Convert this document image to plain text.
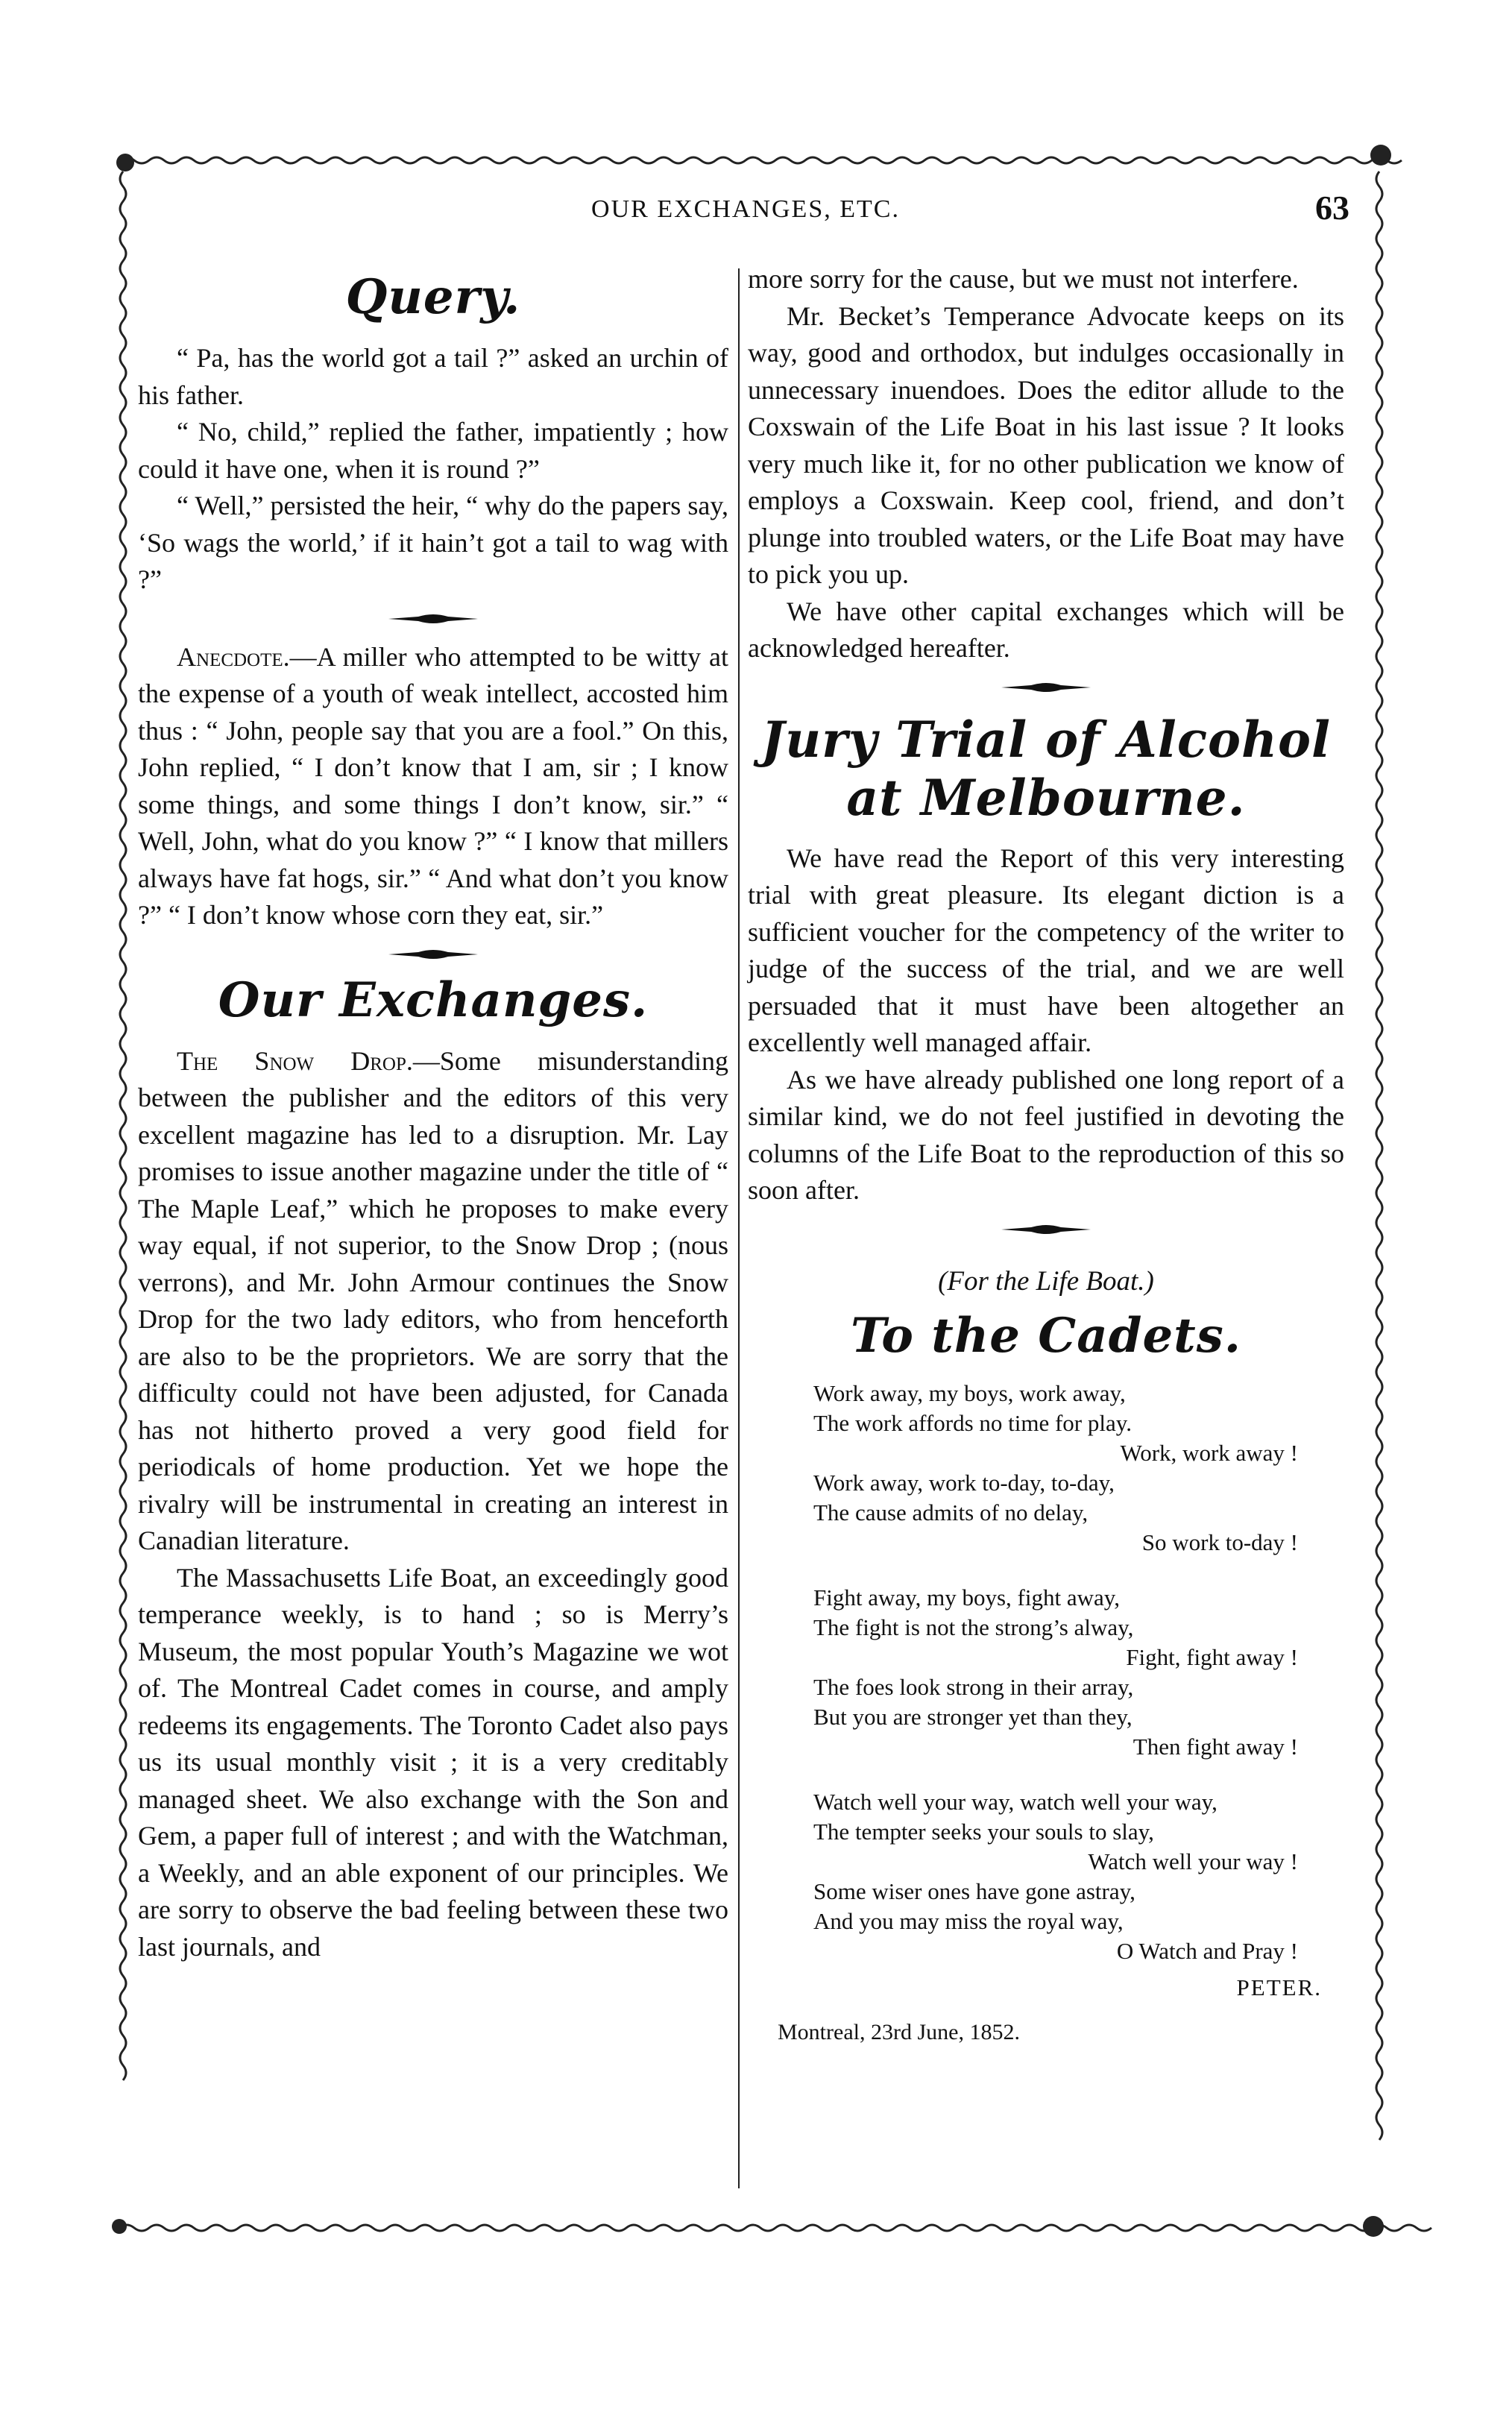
OUR EXCHANGES, ETC.	63
Query.

“ Pa, has the world got a tail ?” asked an urchin of his father.

“ No, child,” replied the father, impatiently ; how could it have one, when it is round ?”

“ Well,” persisted the heir, “ why do the papers say, ‘So wags the world,’ if it hain’t got a tail to wag with ?”

Anecdote.—A miller who attempted to be witty at the expense of a youth of weak intellect, accosted him thus : “ John, people say that you are a fool.” On this, John replied, “ I don’t know that I am, sir ; I know some things, and some things I don’t know, sir.” “ Well, John, what do you know ?” “ I know that millers always have fat hogs, sir.” “ And what don’t you know ?” “ I don’t know whose corn they eat, sir.”

Our Exchanges.

The Snow Drop.—Some misunderstanding between the publisher and the editors of this very excellent magazine has led to a disruption. Mr. Lay promises to issue another magazine under the title of “ The Maple Leaf,” which he proposes to make every way equal, if not superior, to the Snow Drop ; (nous verrons), and Mr. John Armour continues the Snow Drop for the two lady editors, who from henceforth are also to be the proprietors. We are sorry that the difficulty could not have been adjusted, for Canada has not hitherto proved a very good field for periodicals of home production. Yet we hope the rivalry will be instrumental in creating an interest in Canadian literature.

The Massachusetts Life Boat, an exceedingly good temperance weekly, is to hand ; so is Merry’s Museum, the most popular Youth’s Magazine we wot of. The Montreal Cadet comes in course, and amply redeems its engagements. The Toronto Cadet also pays us its usual monthly visit ; it is a very creditably managed sheet. We also exchange with the Son and Gem, a paper full of interest ; and with the Watchman, a Weekly, and an able exponent of our principles. We are sorry to observe the bad feeling between these two last journals, and

more sorry for the cause, but we must not interfere.

Mr. Becket’s Temperance Advocate keeps on its way, good and orthodox, but indulges occasionally in unnecessary inuendoes. Does the editor allude to the Coxswain of the Life Boat in his last issue ? It looks very much like it, for no other publication we know of employs a Coxswain. Keep cool, friend, and don’t plunge into troubled waters, or the Life Boat may have to pick you up.

We have other capital exchanges which will be acknowledged hereafter.

Jury Trial of Alcohol at Melbourne.

We have read the Report of this very interesting trial with great pleasure. Its elegant diction is a sufficient voucher for the competency of the writer to judge of the success of the trial, and we are well persuaded that it must have been altogether an excellently well managed affair.

As we have already published one long report of a similar kind, we do not feel justified in devoting the columns of the Life Boat to the reproduction of this so soon after.

(For the Life Boat.)
To the Cadets.
Work away, my boys, work away,
The work affords no time for play.
Work, work away !
Work away, work to-day, to-day,
The cause admits of no delay,
So work to-day !
Fight away, my boys, fight away,
The fight is not the strong’s alway,
Fight, fight away !
The foes look strong in their array,
But you are stronger yet than they,
Then fight away !
Watch well your way, watch well your way,
The tempter seeks your souls to slay,
Watch well your way !
Some wiser ones have gone astray,
And you may miss the royal way,
O Watch and Pray !
PETER.
Montreal, 23rd June, 1852.
